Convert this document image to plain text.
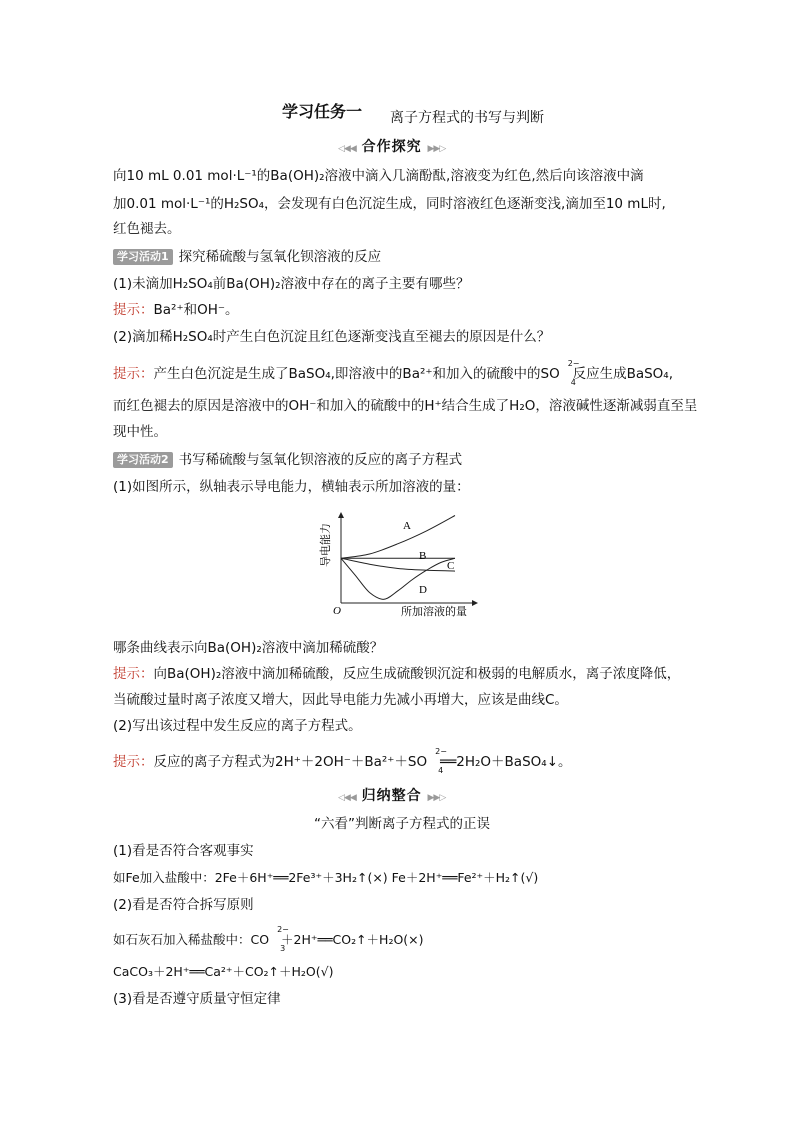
学习任务一 离子方程式的书写与判断
◁◀◀ 合作探究 ▶▶▷
向10 mL 0.01 mol·L⁻¹的Ba(OH)₂溶液中滴入几滴酚酞,溶液变为红色,然后向该溶液中滴
加0.01 mol·L⁻¹的H₂SO₄，会发现有白色沉淀生成，同时溶液红色逐渐变浅,滴加至10 mL时,
红色褪去。
学习活动1 探究稀硫酸与氢氧化钡溶液的反应
(1)未滴加H₂SO₄前Ba(OH)₂溶液中存在的离子主要有哪些？
提示：Ba²⁺和OH⁻。
(2)滴加稀H₂SO₄时产生白色沉淀且红色逐渐变浅直至褪去的原因是什么？
提示：产生白色沉淀是生成了BaSO₄,即溶液中的Ba²⁺和加入的硫酸中的SO
2−
4
反应生成BaSO₄,
而红色褪去的原因是溶液中的OH⁻和加入的硫酸中的H⁺结合生成了H₂O，溶液碱性逐渐减弱直至呈
现中性。
学习活动2 书写稀硫酸与氢氧化钡溶液的反应的离子方程式
(1)如图所示，纵轴表示导电能力，横轴表示所加溶液的量：
导电能力
O	所加溶液的量
A
B
C
D
哪条曲线表示向Ba(OH)₂溶液中滴加稀硫酸？
提示：向Ba(OH)₂溶液中滴加稀硫酸，反应生成硫酸钡沉淀和极弱的电解质水，离子浓度降低，
当硫酸过量时离子浓度又增大，因此导电能力先减小再增大，应该是曲线C。
(2)写出该过程中发生反应的离子方程式。
提示：反应的离子方程式为2H⁺＋2OH⁻＋Ba²⁺＋SO
2−
4
══2H₂O＋BaSO₄↓。
◁◀◀ 归纳整合 ▶▶▷
“六看”判断离子方程式的正误
(1)看是否符合客观事实
如Fe加入盐酸中：2Fe＋6H⁺══2Fe³⁺＋3H₂↑(×) Fe＋2H⁺══Fe²⁺＋H₂↑(√)
(2)看是否符合拆写原则
如石灰石加入稀盐酸中：CO
2−
3
＋2H⁺══CO₂↑＋H₂O(×)
CaCO₃＋2H⁺══Ca²⁺＋CO₂↑＋H₂O(√)
(3)看是否遵守质量守恒定律
